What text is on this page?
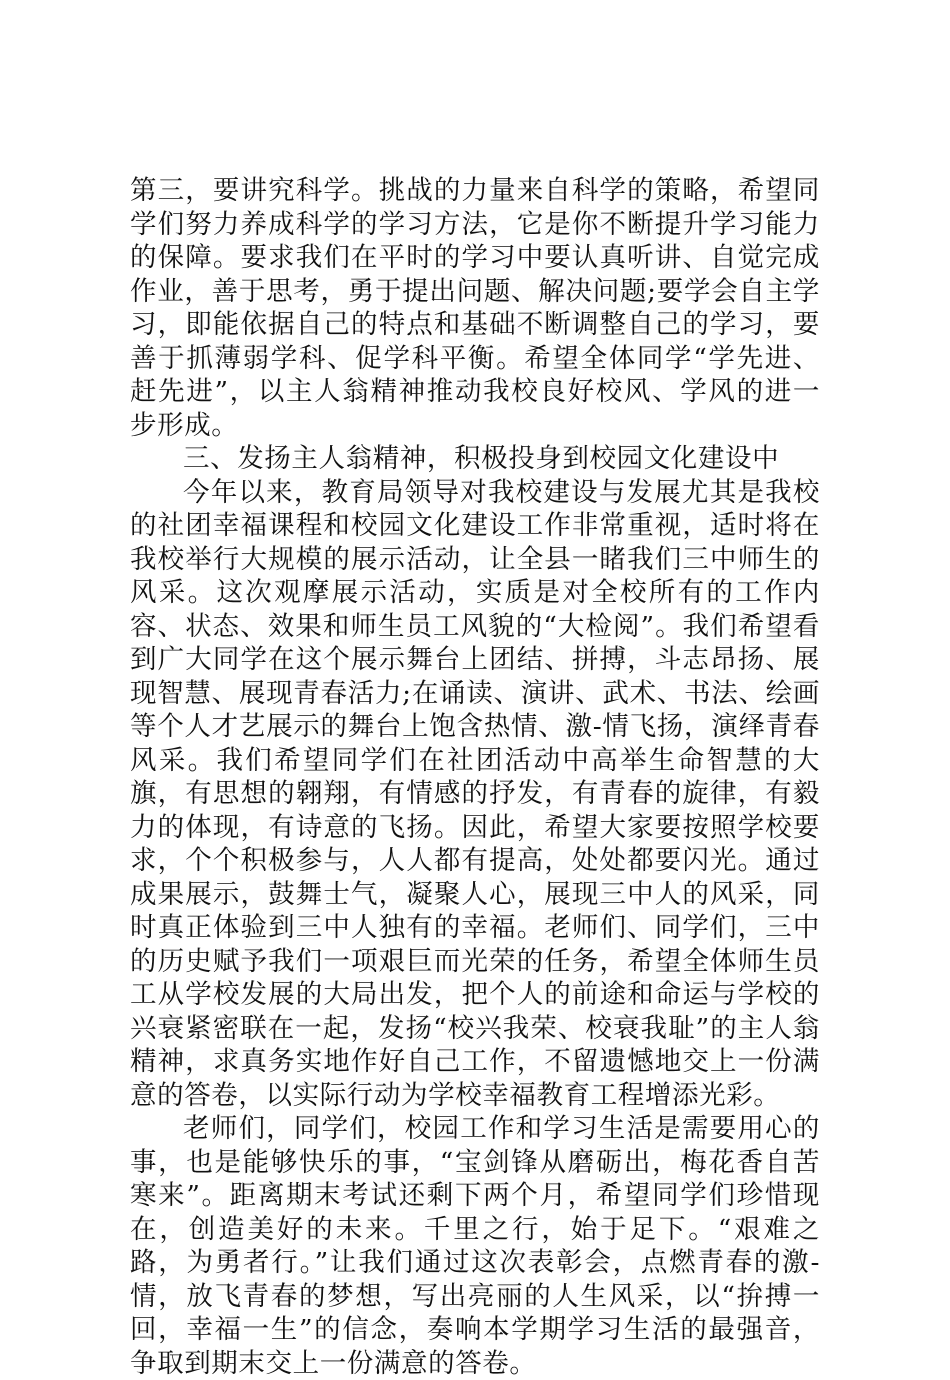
第三，要讲究科学。挑战的力量来自科学的策略，希望同学们努力养成科学的学习方法，它是你不断提升学习能力的保障。要求我们在平时的学习中要认真听讲、自觉完成作业，善于思考，勇于提出问题、解决问题;要学会自主学习，即能依据自己的特点和基础不断调整自己的学习，要善于抓薄弱学科、促学科平衡。希望全体同学“学先进、赶先进”，以主人翁精神推动我校良好校风、学风的进一步形成。

三、发扬主人翁精神，积极投身到校园文化建设中

今年以来，教育局领导对我校建设与发展尤其是我校的社团幸福课程和校园文化建设工作非常重视，适时将在我校举行大规模的展示活动，让全县一睹我们三中师生的风采。这次观摩展示活动，实质是对全校所有的工作内容、状态、效果和师生员工风貌的“大检阅”。我们希望看到广大同学在这个展示舞台上团结、拼搏，斗志昂扬、展现智慧、展现青春活力;在诵读、演讲、武术、书法、绘画等个人才艺展示的舞台上饱含热情、激-情飞扬，演绎青春风采。我们希望同学们在社团活动中高举生命智慧的大旗，有思想的翱翔，有情感的抒发，有青春的旋律，有毅力的体现，有诗意的飞扬。因此，希望大家要按照学校要求，个个积极参与，人人都有提高，处处都要闪光。通过成果展示，鼓舞士气，凝聚人心，展现三中人的风采，同时真正体验到三中人独有的幸福。老师们、同学们，三中的历史赋予我们一项艰巨而光荣的任务，希望全体师生员工从学校发展的大局出发，把个人的前途和命运与学校的兴衰紧密联在一起，发扬“校兴我荣、校衰我耻”的主人翁精神，求真务实地作好自己工作，不留遗憾地交上一份满意的答卷，以实际行动为学校幸福教育工程增添光彩。

老师们，同学们，校园工作和学习生活是需要用心的事，也是能够快乐的事，“宝剑锋从磨砺出，梅花香自苦寒来”。距离期末考试还剩下两个月，希望同学们珍惜现在，创造美好的未来。千里之行，始于足下。“艰难之路，为勇者行。”让我们通过这次表彰会，点燃青春的激-情，放飞青春的梦想，写出亮丽的人生风采，以“拚搏一回，幸福一生”的信念，奏响本学期学习生活的最强音，争取到期末交上一份满意的答卷。
